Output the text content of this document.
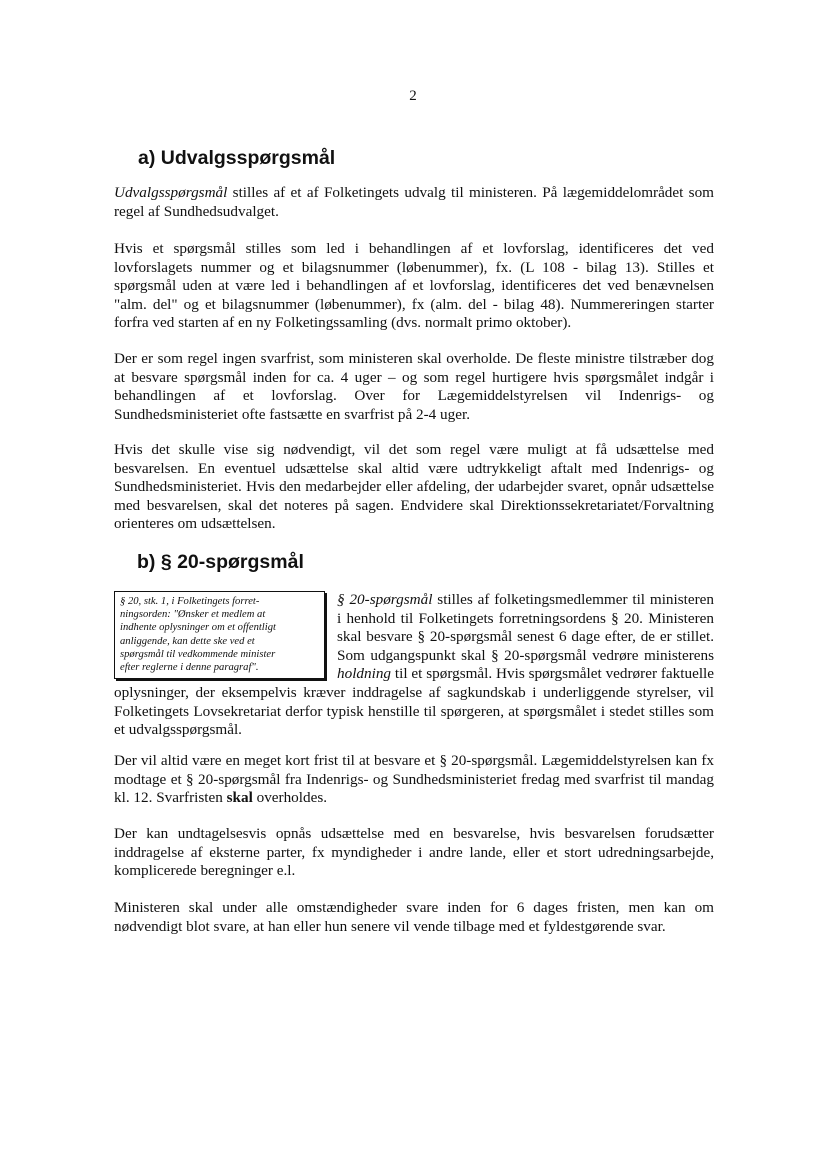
2
a) Udvalgsspørgsmål

Udvalgsspørgsmål stilles af et af Folketingets udvalg til ministeren. På lægemiddelområdet som regel af Sundhedsudvalget.

Hvis et spørgsmål stilles som led i behandlingen af et lovforslag, identificeres det ved lovforslagets nummer og et bilagsnummer (løbenummer), fx. (L 108 - bilag 13). Stilles et spørgsmål uden at være led i behandlingen af et lovforslag, identificeres det ved benævnelsen "alm. del" og et bilagsnummer (løbenummer), fx (alm. del - bilag 48). Nummereringen starter forfra ved starten af en ny Folketingssamling (dvs. normalt primo oktober).

Der er som regel ingen svarfrist, som ministeren skal overholde. De fleste ministre tilstræber dog at besvare spørgsmål inden for ca. 4 uger – og som regel hurtigere hvis spørgsmålet indgår i behandlingen af et lovforslag. Over for Lægemiddelstyrelsen vil Indenrigs- og Sundhedsministeriet ofte fastsætte en svarfrist på 2-4 uger.

Hvis det skulle vise sig nødvendigt, vil det som regel være muligt at få udsættelse med besvarelsen. En eventuel udsættelse skal altid være udtrykkeligt aftalt med Indenrigs- og Sundhedsministeriet. Hvis den medarbejder eller afdeling, der udarbejder svaret, opnår udsættelse med besvarelsen, skal det noteres på sagen. Endvidere skal Direktionssekretariatet/Forvaltning orienteres om udsættelsen.

b) § 20-spørgsmål
§ 20, stk. 1, i Folketingets forret-
ningsorden: "Ønsker et medlem at
indhente oplysninger om et offentligt
anliggende, kan dette ske ved et
spørgsmål til vedkommende minister
efter reglerne i denne paragraf".
§ 20-spørgsmål stilles af folketingsmedlemmer til ministeren i henhold til Folketingets forretningsordens § 20. Ministeren skal besvare § 20-spørgsmål senest 6 dage efter, de er stillet. Som udgangspunkt skal § 20-spørgsmål vedrøre ministerens holdning til et spørgsmål. Hvis spørgsmålet vedrører faktuelle oplysninger, der eksempelvis kræver inddragelse af sagkundskab i underliggende styrelser, vil Folketingets Lovsekretariat derfor typisk henstille til spørgeren, at spørgsmålet i stedet stilles som et udvalgsspørgsmål.

Der vil altid være en meget kort frist til at besvare et § 20-spørgsmål. Lægemiddelstyrelsen kan fx modtage et § 20-spørgsmål fra Indenrigs- og Sundhedsministeriet fredag med svarfrist til mandag kl. 12. Svarfristen skal overholdes.

Der kan undtagelsesvis opnås udsættelse med en besvarelse, hvis besvarelsen forudsætter inddragelse af eksterne parter, fx myndigheder i andre lande, eller et stort udredningsarbejde, komplicerede beregninger e.l.

Ministeren skal under alle omstændigheder svare inden for 6 dages fristen, men kan om nødvendigt blot svare, at han eller hun senere vil vende tilbage med et fyldestgørende svar.
